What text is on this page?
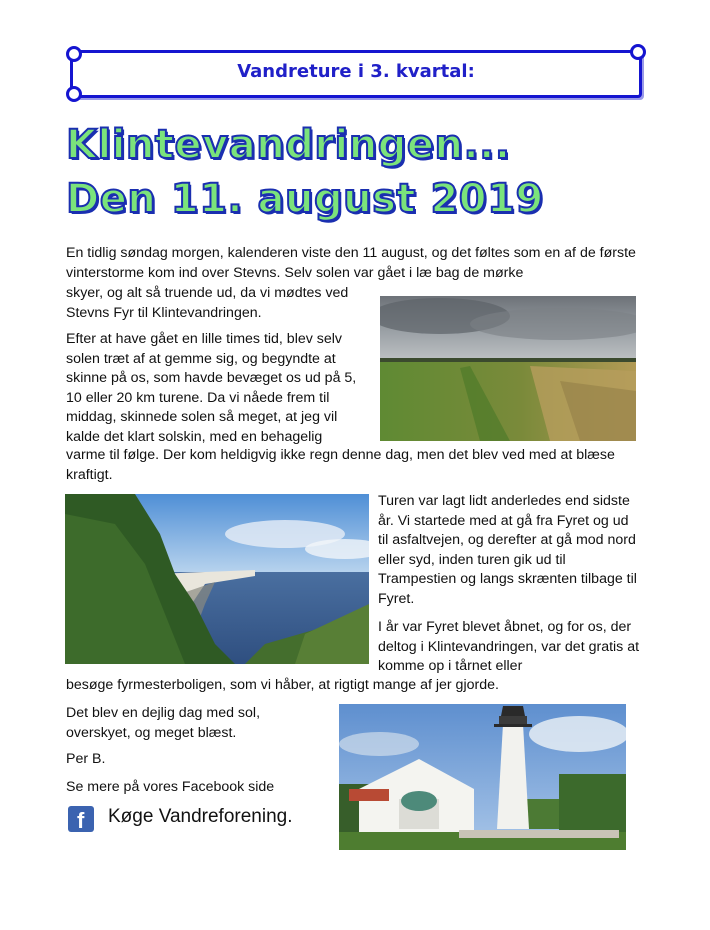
Vandreture i 3. kvartal:
Klintevandringen...
Den 11. august 2019

En tidlig søndag morgen, kalenderen viste den 11 august, og det føltes som en af de første vinterstorme kom ind over Stevns. Selv solen var gået i læ bag de mørke

skyer, og alt så truende ud, da vi mødtes ved Stevns Fyr til Klintevandringen.

Efter at have gået en lille times tid, blev selv solen træt af at gemme sig, og begyndte at skinne på os, som havde bevæget os ud på 5, 10 eller 20 km turene. Da vi nåede frem til middag, skinnede solen så meget, at jeg vil kalde det klart solskin, med en behagelig

varme til følge. Der kom heldigvig ikke regn denne dag, men det blev ved med at blæse kraftigt.

Turen var lagt lidt anderledes end sidste år. Vi startede med at gå fra Fyret og ud til asfaltvejen, og derefter at gå mod nord eller syd, inden turen gik ud til Trampestien og langs skrænten tilbage til Fyret.

I år var Fyret blevet åbnet, og for os, der deltog i Klintevandringen, var det gratis at komme op i tårnet eller

besøge fyrmesterboligen, som vi håber, at rigtigt mange af jer gjorde.

Det blev en dejlig dag med sol, overskyet, og meget blæst.

Per B.

Se mere på vores Facebook side

f Køge Vandreforening.
